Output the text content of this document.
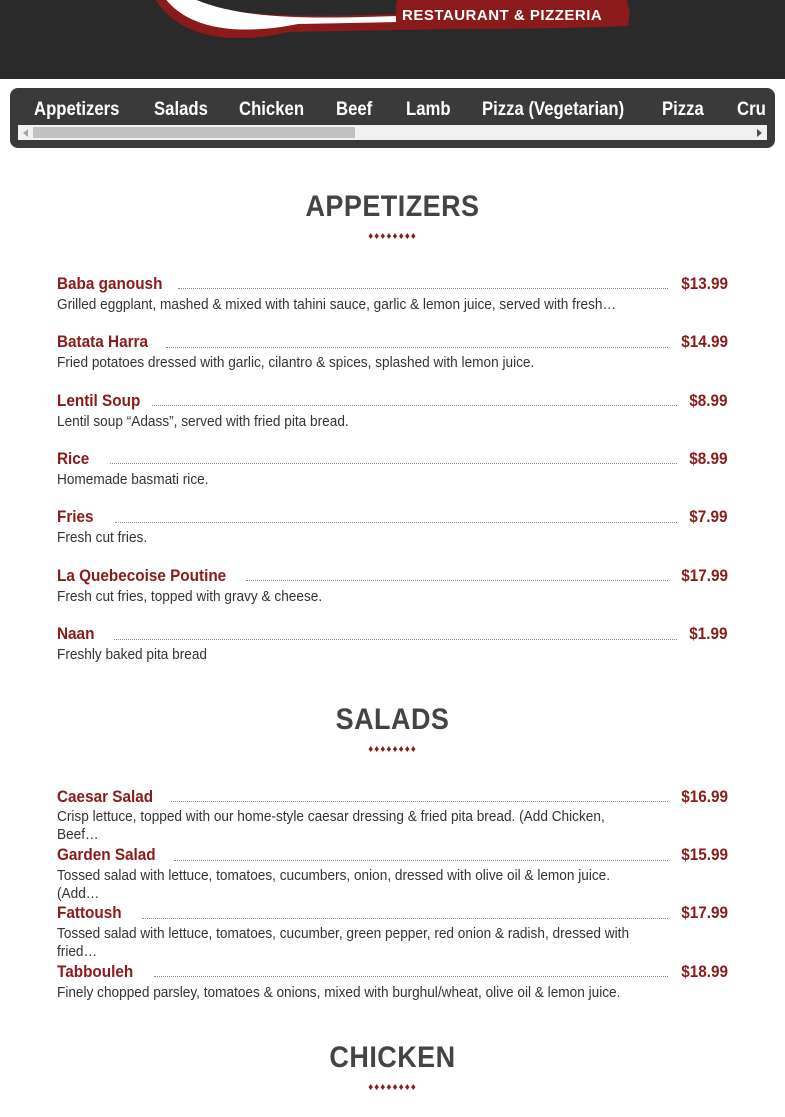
RESTAURANT & PIZZERIA
Appetizers Salads Chicken Beef Lamb Pizza (Vegetarian) Pizza Cru
APPETIZERS
♦♦♦♦♦♦♦♦
Baba ganoush	$13.99
Grilled eggplant, mashed & mixed with tahini sauce, garlic & lemon juice, served with fresh…
Batata Harra	$14.99
Fried potatoes dressed with garlic, cilantro & spices, splashed with lemon juice.
Lentil Soup	$8.99
Lentil soup “Adass”, served with fried pita bread.
Rice	$8.99
Homemade basmati rice.
Fries	$7.99
Fresh cut fries.
La Quebecoise Poutine	$17.99
Fresh cut fries, topped with gravy & cheese.
Naan	$1.99
Freshly baked pita bread
SALADS
♦♦♦♦♦♦♦♦
Caesar Salad	$16.99
Crisp lettuce, topped with our home-style caesar dressing & fried pita bread. (Add Chicken, Beef…
Garden Salad	$15.99
Tossed salad with lettuce, tomatoes, cucumbers, onion, dressed with olive oil & lemon juice. (Add…
Fattoush	$17.99
Tossed salad with lettuce, tomatoes, cucumber, green pepper, red onion & radish, dressed with fried…
Tabbouleh	$18.99
Finely chopped parsley, tomatoes & onions, mixed with burghul/wheat, olive oil & lemon juice.
CHICKEN
♦♦♦♦♦♦♦♦
